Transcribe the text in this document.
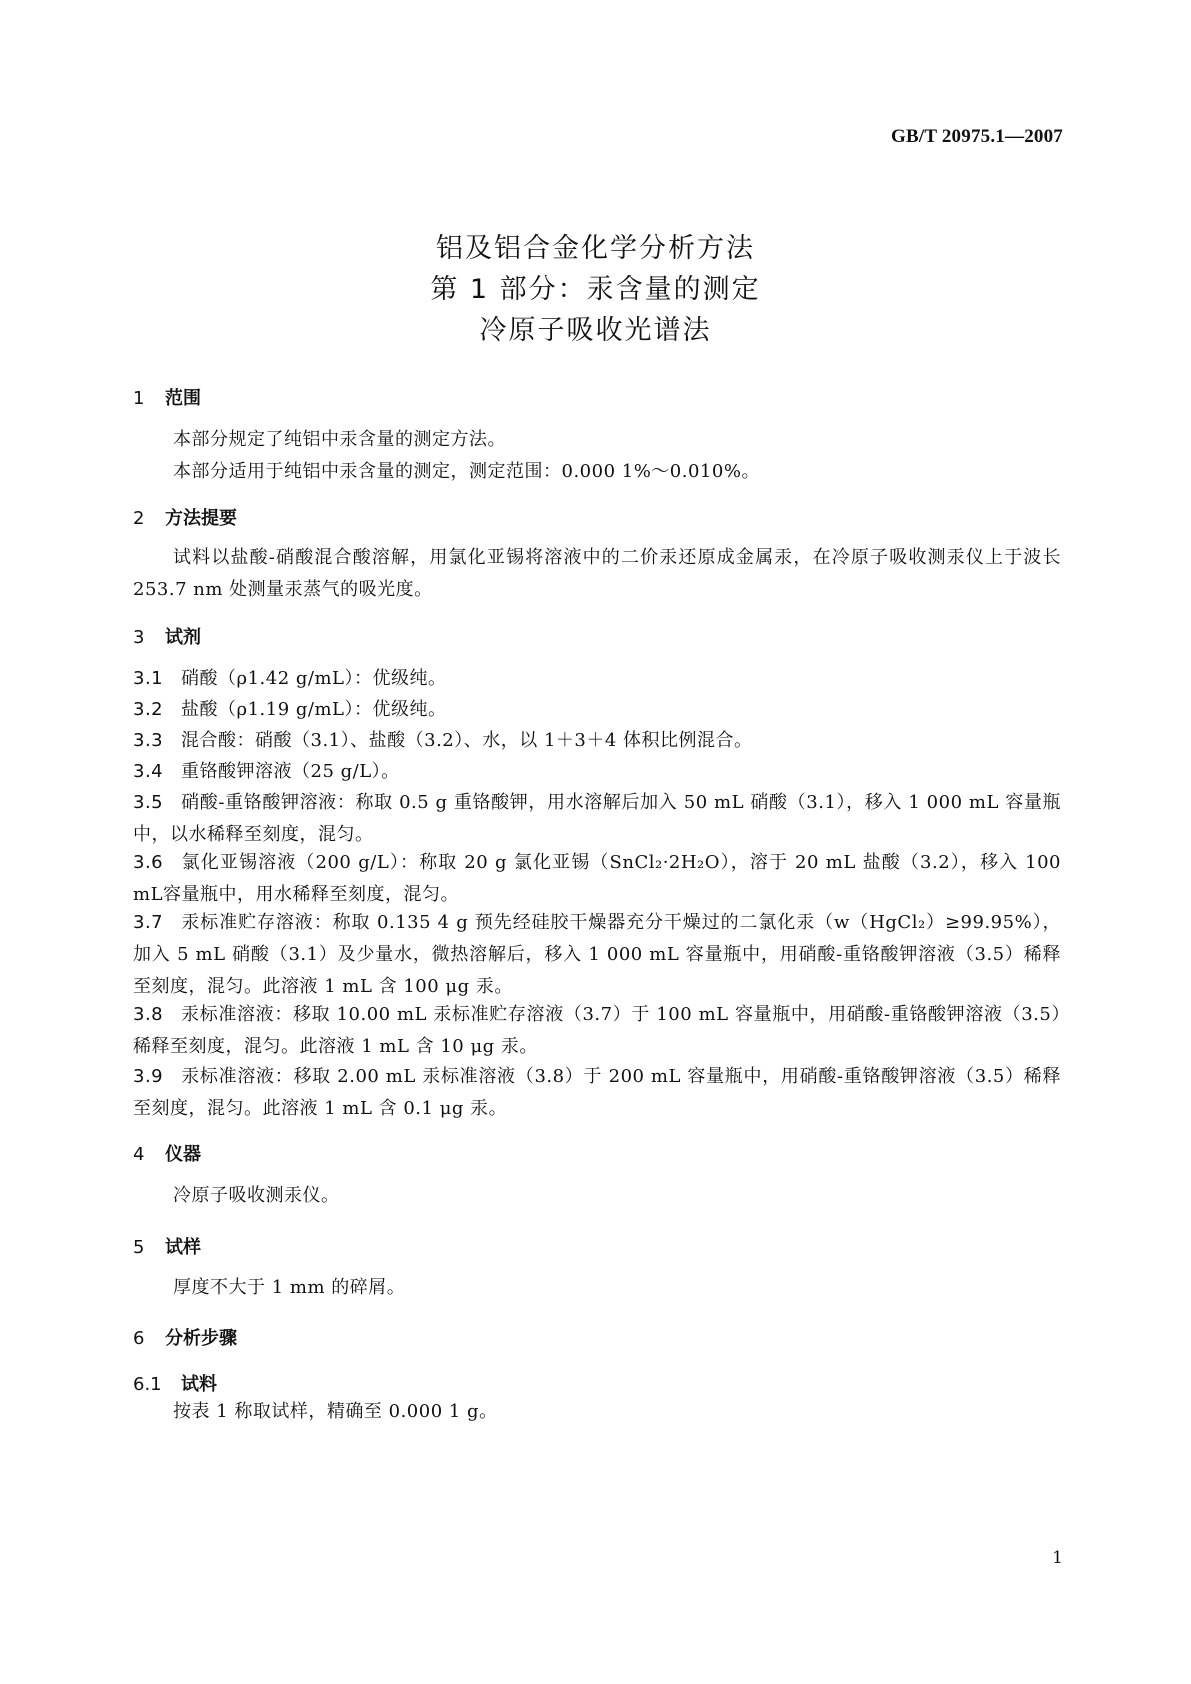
GB/T 20975.1—2007
铝及铝合金化学分析方法
第 1 部分：汞含量的测定
冷原子吸收光谱法
1 范围
本部分规定了纯铝中汞含量的测定方法。
本部分适用于纯铝中汞含量的测定，测定范围：0.000 1%～0.010%。
2 方法提要
试料以盐酸-硝酸混合酸溶解，用氯化亚锡将溶液中的二价汞还原成金属汞，在冷原子吸收测汞仪上于波长 253.7 nm 处测量汞蒸气的吸光度。
3 试剂
3.1 硝酸（ρ1.42 g/mL）：优级纯。
3.2 盐酸（ρ1.19 g/mL）：优级纯。
3.3 混合酸：硝酸（3.1）、盐酸（3.2）、水，以 1＋3＋4 体积比例混合。
3.4 重铬酸钾溶液（25 g/L）。
3.5 硝酸-重铬酸钾溶液：称取 0.5 g 重铬酸钾，用水溶解后加入 50 mL 硝酸（3.1），移入 1 000 mL 容量瓶中，以水稀释至刻度，混匀。
3.6 氯化亚锡溶液（200 g/L）：称取 20 g 氯化亚锡（SnCl₂·2H₂O），溶于 20 mL 盐酸（3.2），移入 100 mL容量瓶中，用水稀释至刻度，混匀。
3.7 汞标准贮存溶液：称取 0.135 4 g 预先经硅胶干燥器充分干燥过的二氯化汞（w（HgCl₂）≥99.95%），加入 5 mL 硝酸（3.1）及少量水，微热溶解后，移入 1 000 mL 容量瓶中，用硝酸-重铬酸钾溶液（3.5）稀释至刻度，混匀。此溶液 1 mL 含 100 μg 汞。
3.8 汞标准溶液：移取 10.00 mL 汞标准贮存溶液（3.7）于 100 mL 容量瓶中，用硝酸-重铬酸钾溶液（3.5）稀释至刻度，混匀。此溶液 1 mL 含 10 μg 汞。
3.9 汞标准溶液：移取 2.00 mL 汞标准溶液（3.8）于 200 mL 容量瓶中，用硝酸-重铬酸钾溶液（3.5）稀释至刻度，混匀。此溶液 1 mL 含 0.1 μg 汞。
4 仪器
冷原子吸收测汞仪。
5 试样
厚度不大于 1 mm 的碎屑。
6 分析步骤
6.1 试料
按表 1 称取试样，精确至 0.000 1 g。
1
